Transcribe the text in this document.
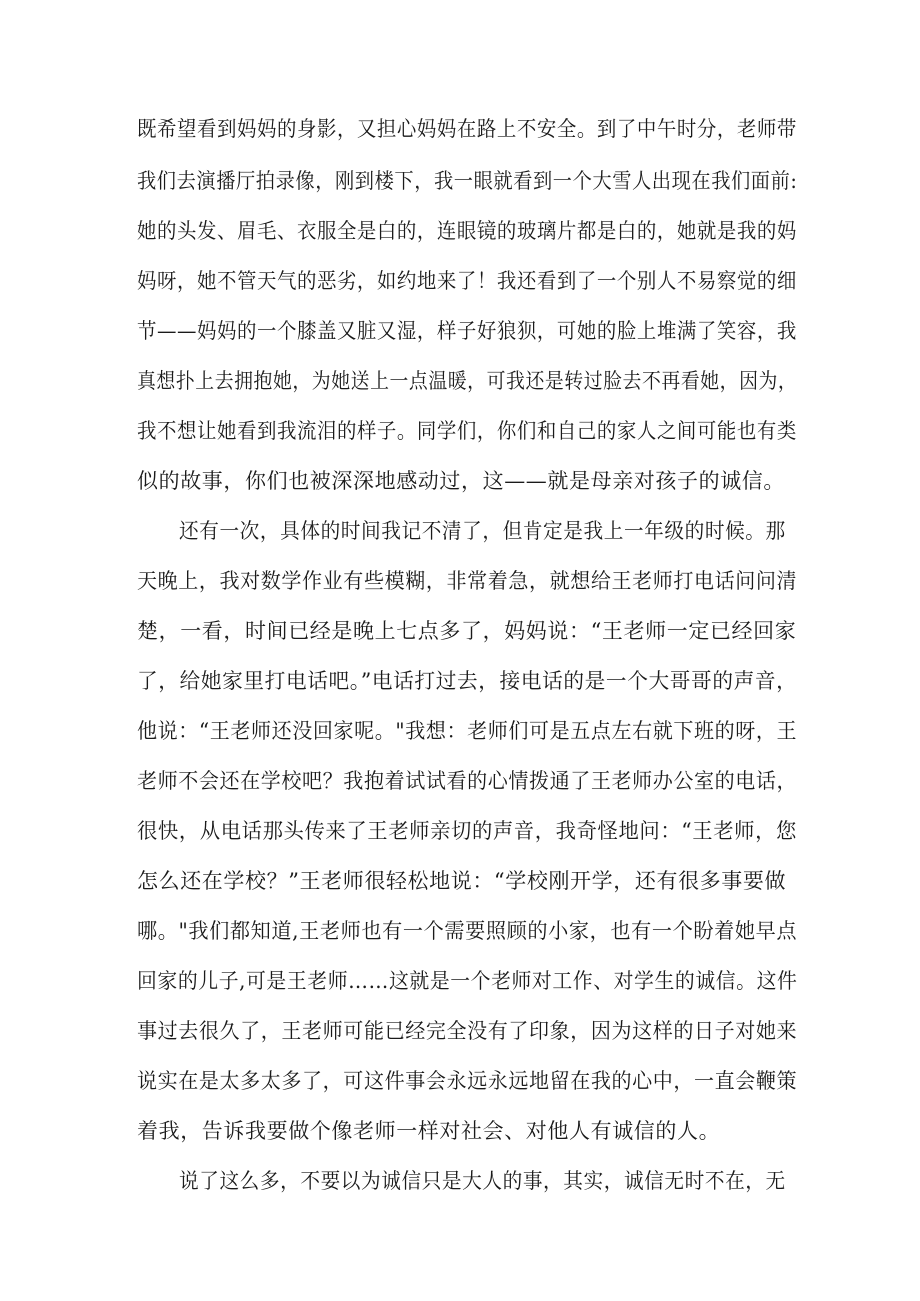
既希望看到妈妈的身影，又担心妈妈在路上不安全。到了中午时分，老师带
我们去演播厅拍录像，刚到楼下，我一眼就看到一个大雪人出现在我们面前:
她的头发、眉毛、衣服全是白的，连眼镜的玻璃片都是白的，她就是我的妈
妈呀，她不管天气的恶劣，如约地来了！我还看到了一个别人不易察觉的细
节——妈妈的一个膝盖又脏又湿，样子好狼狈，可她的脸上堆满了笑容，我
真想扑上去拥抱她，为她送上一点温暖，可我还是转过脸去不再看她，因为，
我不想让她看到我流泪的样子。同学们，你们和自己的家人之间可能也有类
似的故事，你们也被深深地感动过，这——就是母亲对孩子的诚信。
还有一次，具体的时间我记不清了，但肯定是我上一年级的时候。那
天晚上，我对数学作业有些模糊，非常着急，就想给王老师打电话问问清
楚，一看，时间已经是晚上七点多了，妈妈说：“王老师一定已经回家
了，给她家里打电话吧。”电话打过去，接电话的是一个大哥哥的声音，
他说：“王老师还没回家呢。"我想：老师们可是五点左右就下班的呀，王
老师不会还在学校吧？我抱着试试看的心情拨通了王老师办公室的电话，
很快，从电话那头传来了王老师亲切的声音，我奇怪地问：“王老师，您
怎么还在学校？”王老师很轻松地说：“学校刚开学，还有很多事要做
哪。"我们都知道,王老师也有一个需要照顾的小家，也有一个盼着她早点
回家的儿子,可是王老师……这就是一个老师对工作、对学生的诚信。这件
事过去很久了，王老师可能已经完全没有了印象，因为这样的日子对她来
说实在是太多太多了，可这件事会永远永远地留在我的心中，一直会鞭策
着我，告诉我要做个像老师一样对社会、对他人有诚信的人。
说了这么多，不要以为诚信只是大人的事，其实，诚信无时不在，无
